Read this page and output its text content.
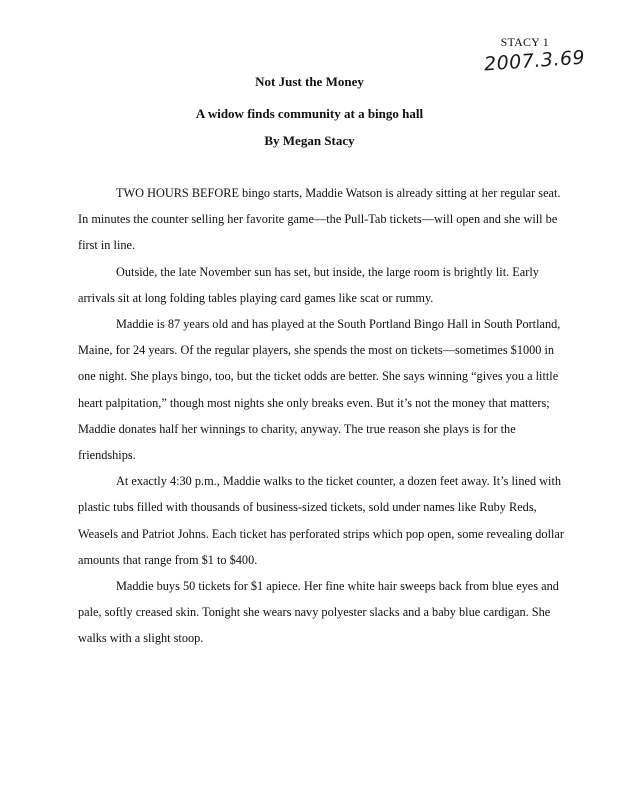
STACY 1
2007.3.69
Not Just the Money
A widow finds community at a bingo hall
By Megan Stacy

TWO HOURS BEFORE bingo starts, Maddie Watson is already sitting at her regular seat. In minutes the counter selling her favorite game—the Pull-Tab tickets—will open and she will be first in line.

Outside, the late November sun has set, but inside, the large room is brightly lit. Early arrivals sit at long folding tables playing card games like scat or rummy.

Maddie is 87 years old and has played at the South Portland Bingo Hall in South Portland, Maine, for 24 years. Of the regular players, she spends the most on tickets—sometimes $1000 in one night. She plays bingo, too, but the ticket odds are better. She says winning “gives you a little heart palpitation,” though most nights she only breaks even. But it’s not the money that matters; Maddie donates half her winnings to charity, anyway. The true reason she plays is for the friendships.

At exactly 4:30 p.m., Maddie walks to the ticket counter, a dozen feet away. It’s lined with plastic tubs filled with thousands of business-sized tickets, sold under names like Ruby Reds, Weasels and Patriot Johns. Each ticket has perforated strips which pop open, some revealing dollar amounts that range from $1 to $400.

Maddie buys 50 tickets for $1 apiece. Her fine white hair sweeps back from blue eyes and pale, softly creased skin. Tonight she wears navy polyester slacks and a baby blue cardigan. She walks with a slight stoop.
